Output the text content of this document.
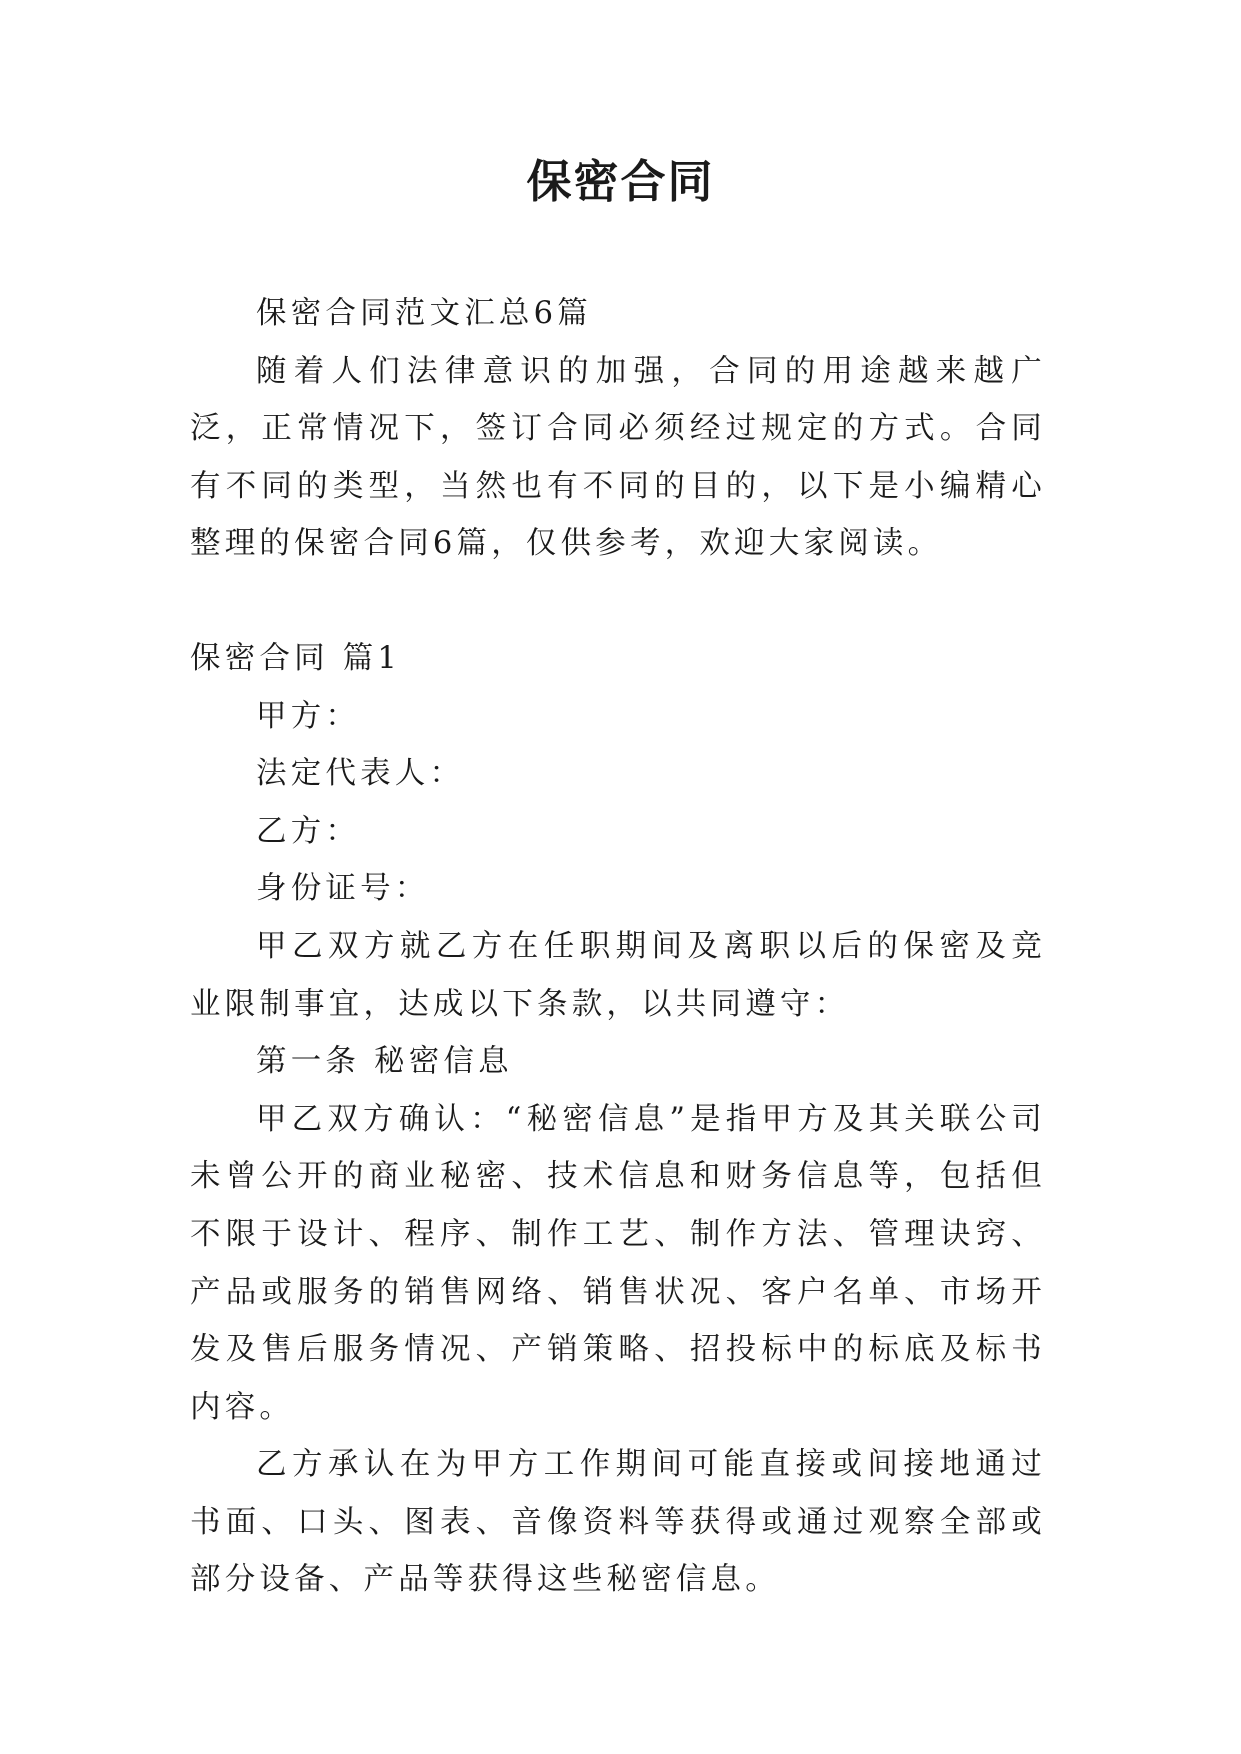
保密合同

保密合同范文汇总6篇

随着人们法律意识的加强，合同的用途越来越广泛，正常情况下，签订合同必须经过规定的方式。合同有不同的类型，当然也有不同的目的，以下是小编精心整理的保密合同6篇，仅供参考，欢迎大家阅读。

保密合同 篇1

甲方：

法定代表人：

乙方：

身份证号：

甲乙双方就乙方在任职期间及离职以后的保密及竞业限制事宜，达成以下条款，以共同遵守：

第一条 秘密信息

甲乙双方确认：“秘密信息”是指甲方及其关联公司未曾公开的商业秘密、技术信息和财务信息等，包括但不限于设计、程序、制作工艺、制作方法、管理诀窍、产品或服务的销售网络、销售状况、客户名单、市场开发及售后服务情况、产销策略、招投标中的标底及标书内容。

乙方承认在为甲方工作期间可能直接或间接地通过书面、口头、图表、音像资料等获得或通过观察全部或部分设备、产品等获得这些秘密信息。
